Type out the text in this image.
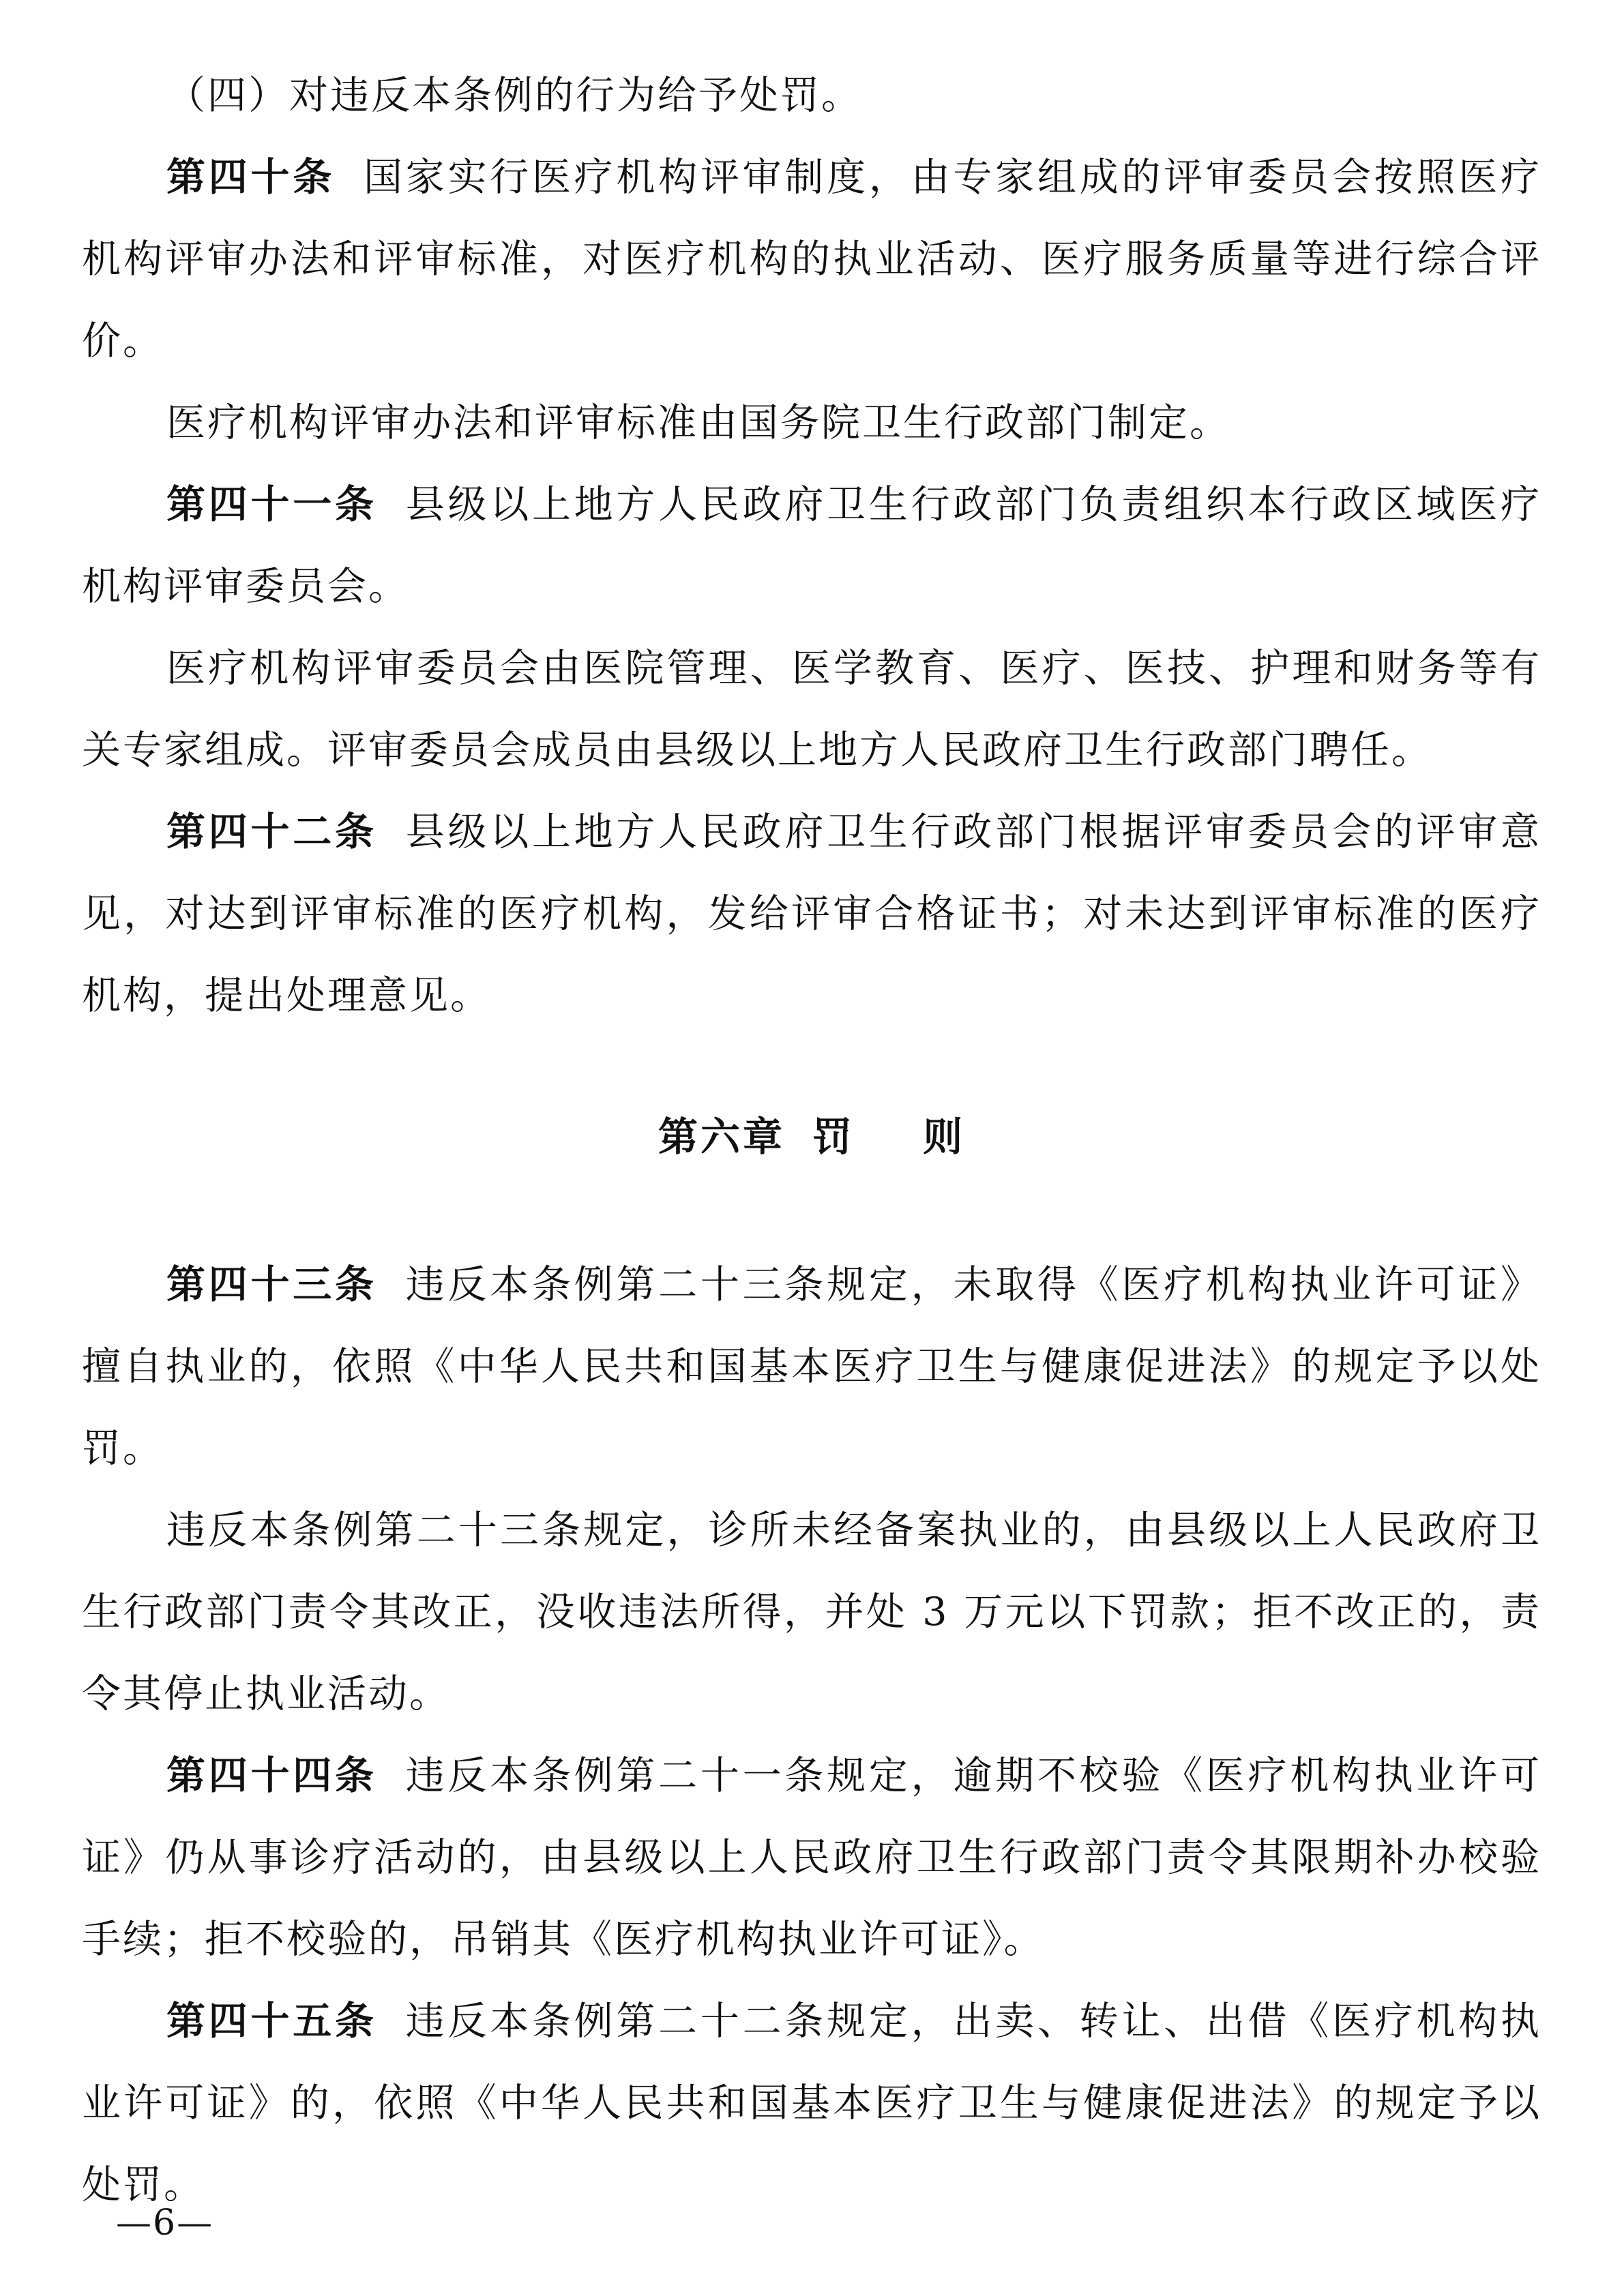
（四）对违反本条例的行为给予处罚。

第四十条 国家实行医疗机构评审制度，由专家组成的评审委员会按照医疗机构评审办法和评审标准，对医疗机构的执业活动、医疗服务质量等进行综合评价。

医疗机构评审办法和评审标准由国务院卫生行政部门制定。

第四十一条 县级以上地方人民政府卫生行政部门负责组织本行政区域医疗机构评审委员会。

医疗机构评审委员会由医院管理、医学教育、医疗、医技、护理和财务等有关专家组成。评审委员会成员由县级以上地方人民政府卫生行政部门聘任。

第四十二条 县级以上地方人民政府卫生行政部门根据评审委员会的评审意见，对达到评审标准的医疗机构，发给评审合格证书；对未达到评审标准的医疗机构，提出处理意见。

第六章 罚 则

第四十三条 违反本条例第二十三条规定，未取得《医疗机构执业许可证》擅自执业的，依照《中华人民共和国基本医疗卫生与健康促进法》的规定予以处罚。

违反本条例第二十三条规定，诊所未经备案执业的，由县级以上人民政府卫生行政部门责令其改正，没收违法所得，并处 3 万元以下罚款；拒不改正的，责令其停止执业活动。

第四十四条 违反本条例第二十一条规定，逾期不校验《医疗机构执业许可证》仍从事诊疗活动的，由县级以上人民政府卫生行政部门责令其限期补办校验手续；拒不校验的，吊销其《医疗机构执业许可证》。

第四十五条 违反本条例第二十二条规定，出卖、转让、出借《医疗机构执业许可证》的，依照《中华人民共和国基本医疗卫生与健康促进法》的规定予以处罚。

—6—
